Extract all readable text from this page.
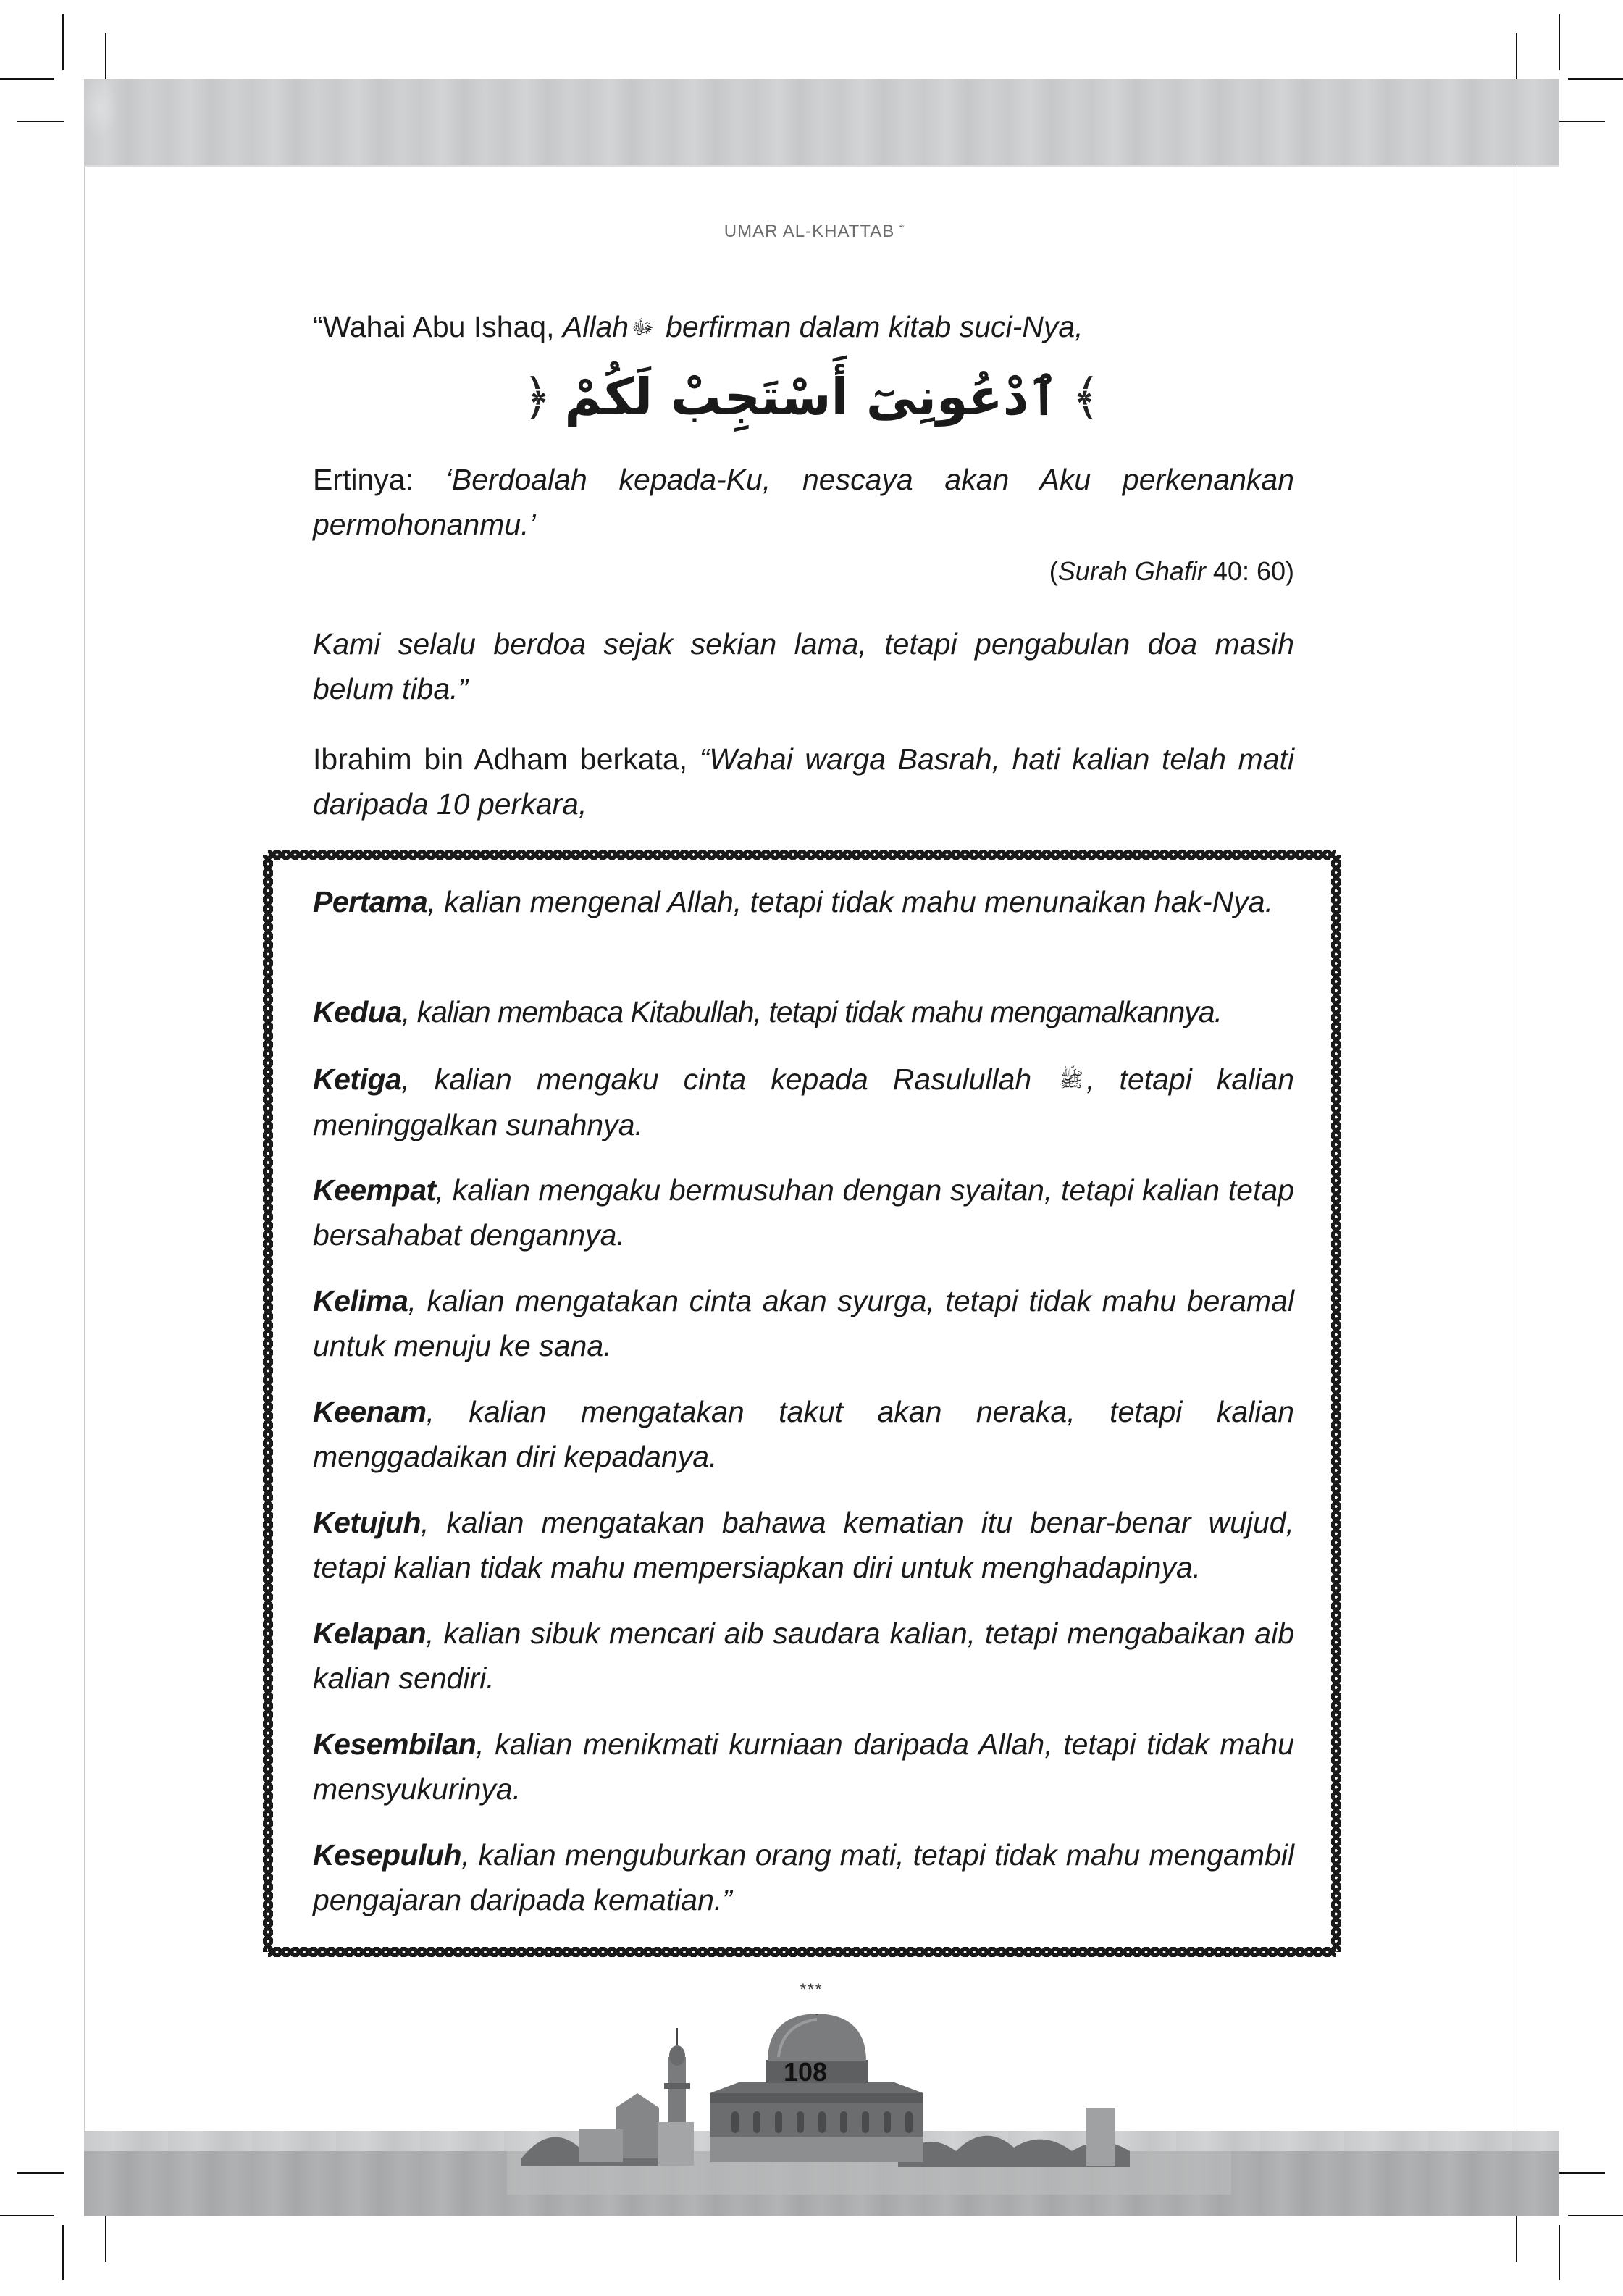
UMAR AL-KHATTAB
“Wahai Abu Ishaq, Allah ﷻ berfirman dalam kitab suci-Nya,
﴾ٱدْعُونِىٓ أَسْتَجِبْ لَكُمْ﴿
Ertinya: ‘Berdoalah kepada-Ku, nescaya akan Aku perkenankan permohonanmu.’
(Surah Ghafir 40: 60)
Kami selalu berdoa sejak sekian lama, tetapi pengabulan doa masih belum tiba.”
Ibrahim bin Adham berkata, “Wahai warga Basrah, hati kalian telah mati daripada 10 perkara,
Pertama, kalian mengenal Allah, tetapi tidak mahu menunaikan hak-Nya.
Kedua, kalian membaca Kitabullah, tetapi tidak mahu mengamalkannya.
Ketiga, kalian mengaku cinta kepada Rasulullah ﷺ, tetapi kalian meninggalkan sunahnya.
Keempat, kalian mengaku bermusuhan dengan syaitan, tetapi kalian tetap bersahabat dengannya.
Kelima, kalian mengatakan cinta akan syurga, tetapi tidak mahu beramal untuk menuju ke sana.
Keenam, kalian mengatakan takut akan neraka, tetapi kalian menggadaikan diri kepadanya.
Ketujuh, kalian mengatakan bahawa kematian itu benar-benar wujud, tetapi kalian tidak mahu mempersiapkan diri untuk menghadapinya.
Kelapan, kalian sibuk mencari aib saudara kalian, tetapi mengabaikan aib kalian sendiri.
Kesembilan, kalian menikmati kurniaan daripada Allah, tetapi tidak mahu mensyukurinya.
Kesepuluh, kalian menguburkan orang mati, tetapi tidak mahu mengambil pengajaran daripada kematian.”
***
108
